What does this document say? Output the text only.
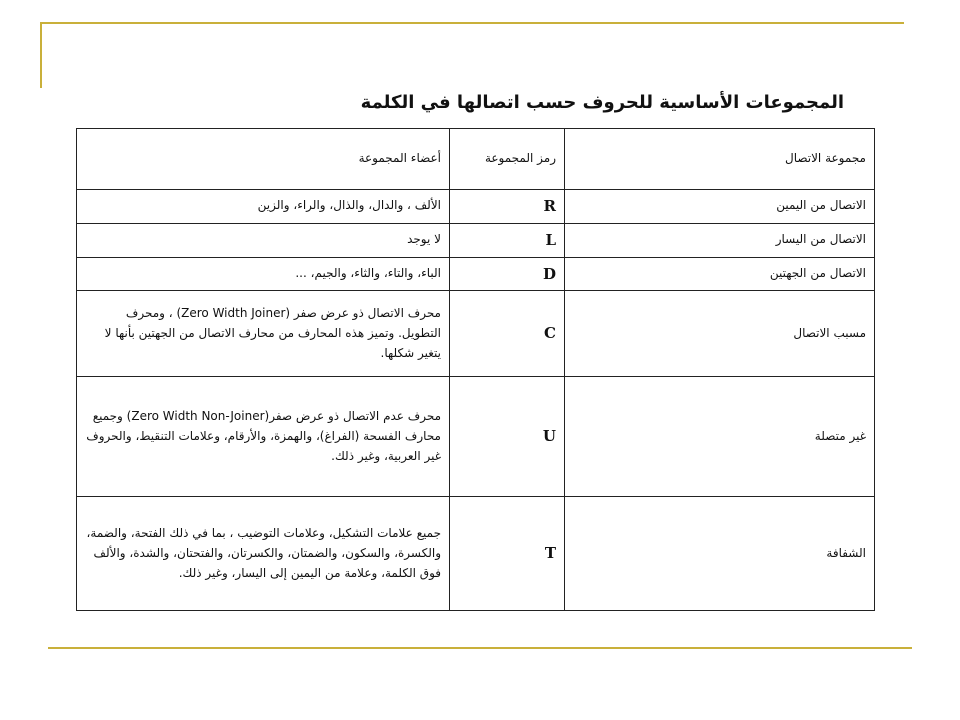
المجموعات الأساسية للحروف حسب اتصالها في الكلمة
مجموعة الاتصال	رمز المجموعة	أعضاء المجموعة
الاتصال من اليمين	R	الألف ، والدال، والذال، والراء، والزين
الاتصال من اليسار	L	لا يوجد
الاتصال من الجهتين	D	الباء، والتاء، والثاء، والجيم، ...
مسبب الاتصال	C	محرف الاتصال ذو عرض صفر (Zero Width Joiner) ، ومحرف التطويل. وتميز هذه المحارف من محارف الاتصال من الجهتين بأنها لا يتغير شكلها.
غير متصلة	U	محرف عدم الاتصال ذو عرض صفر(Zero Width Non-Joiner) وجميع محارف الفسحة (الفراغ)، والهمزة، والأرقام، وعلامات التنقيط، والحروف غير العربية، وغير ذلك.
الشفافة	T	جميع علامات التشكيل، وعلامات التوضيب ، بما في ذلك الفتحة، والضمة، والكسرة، والسكون، والضمتان، والكسرتان، والفتحتان، والشدة، والألف فوق الكلمة، وعلامة من اليمين إلى اليسار، وغير ذلك.
